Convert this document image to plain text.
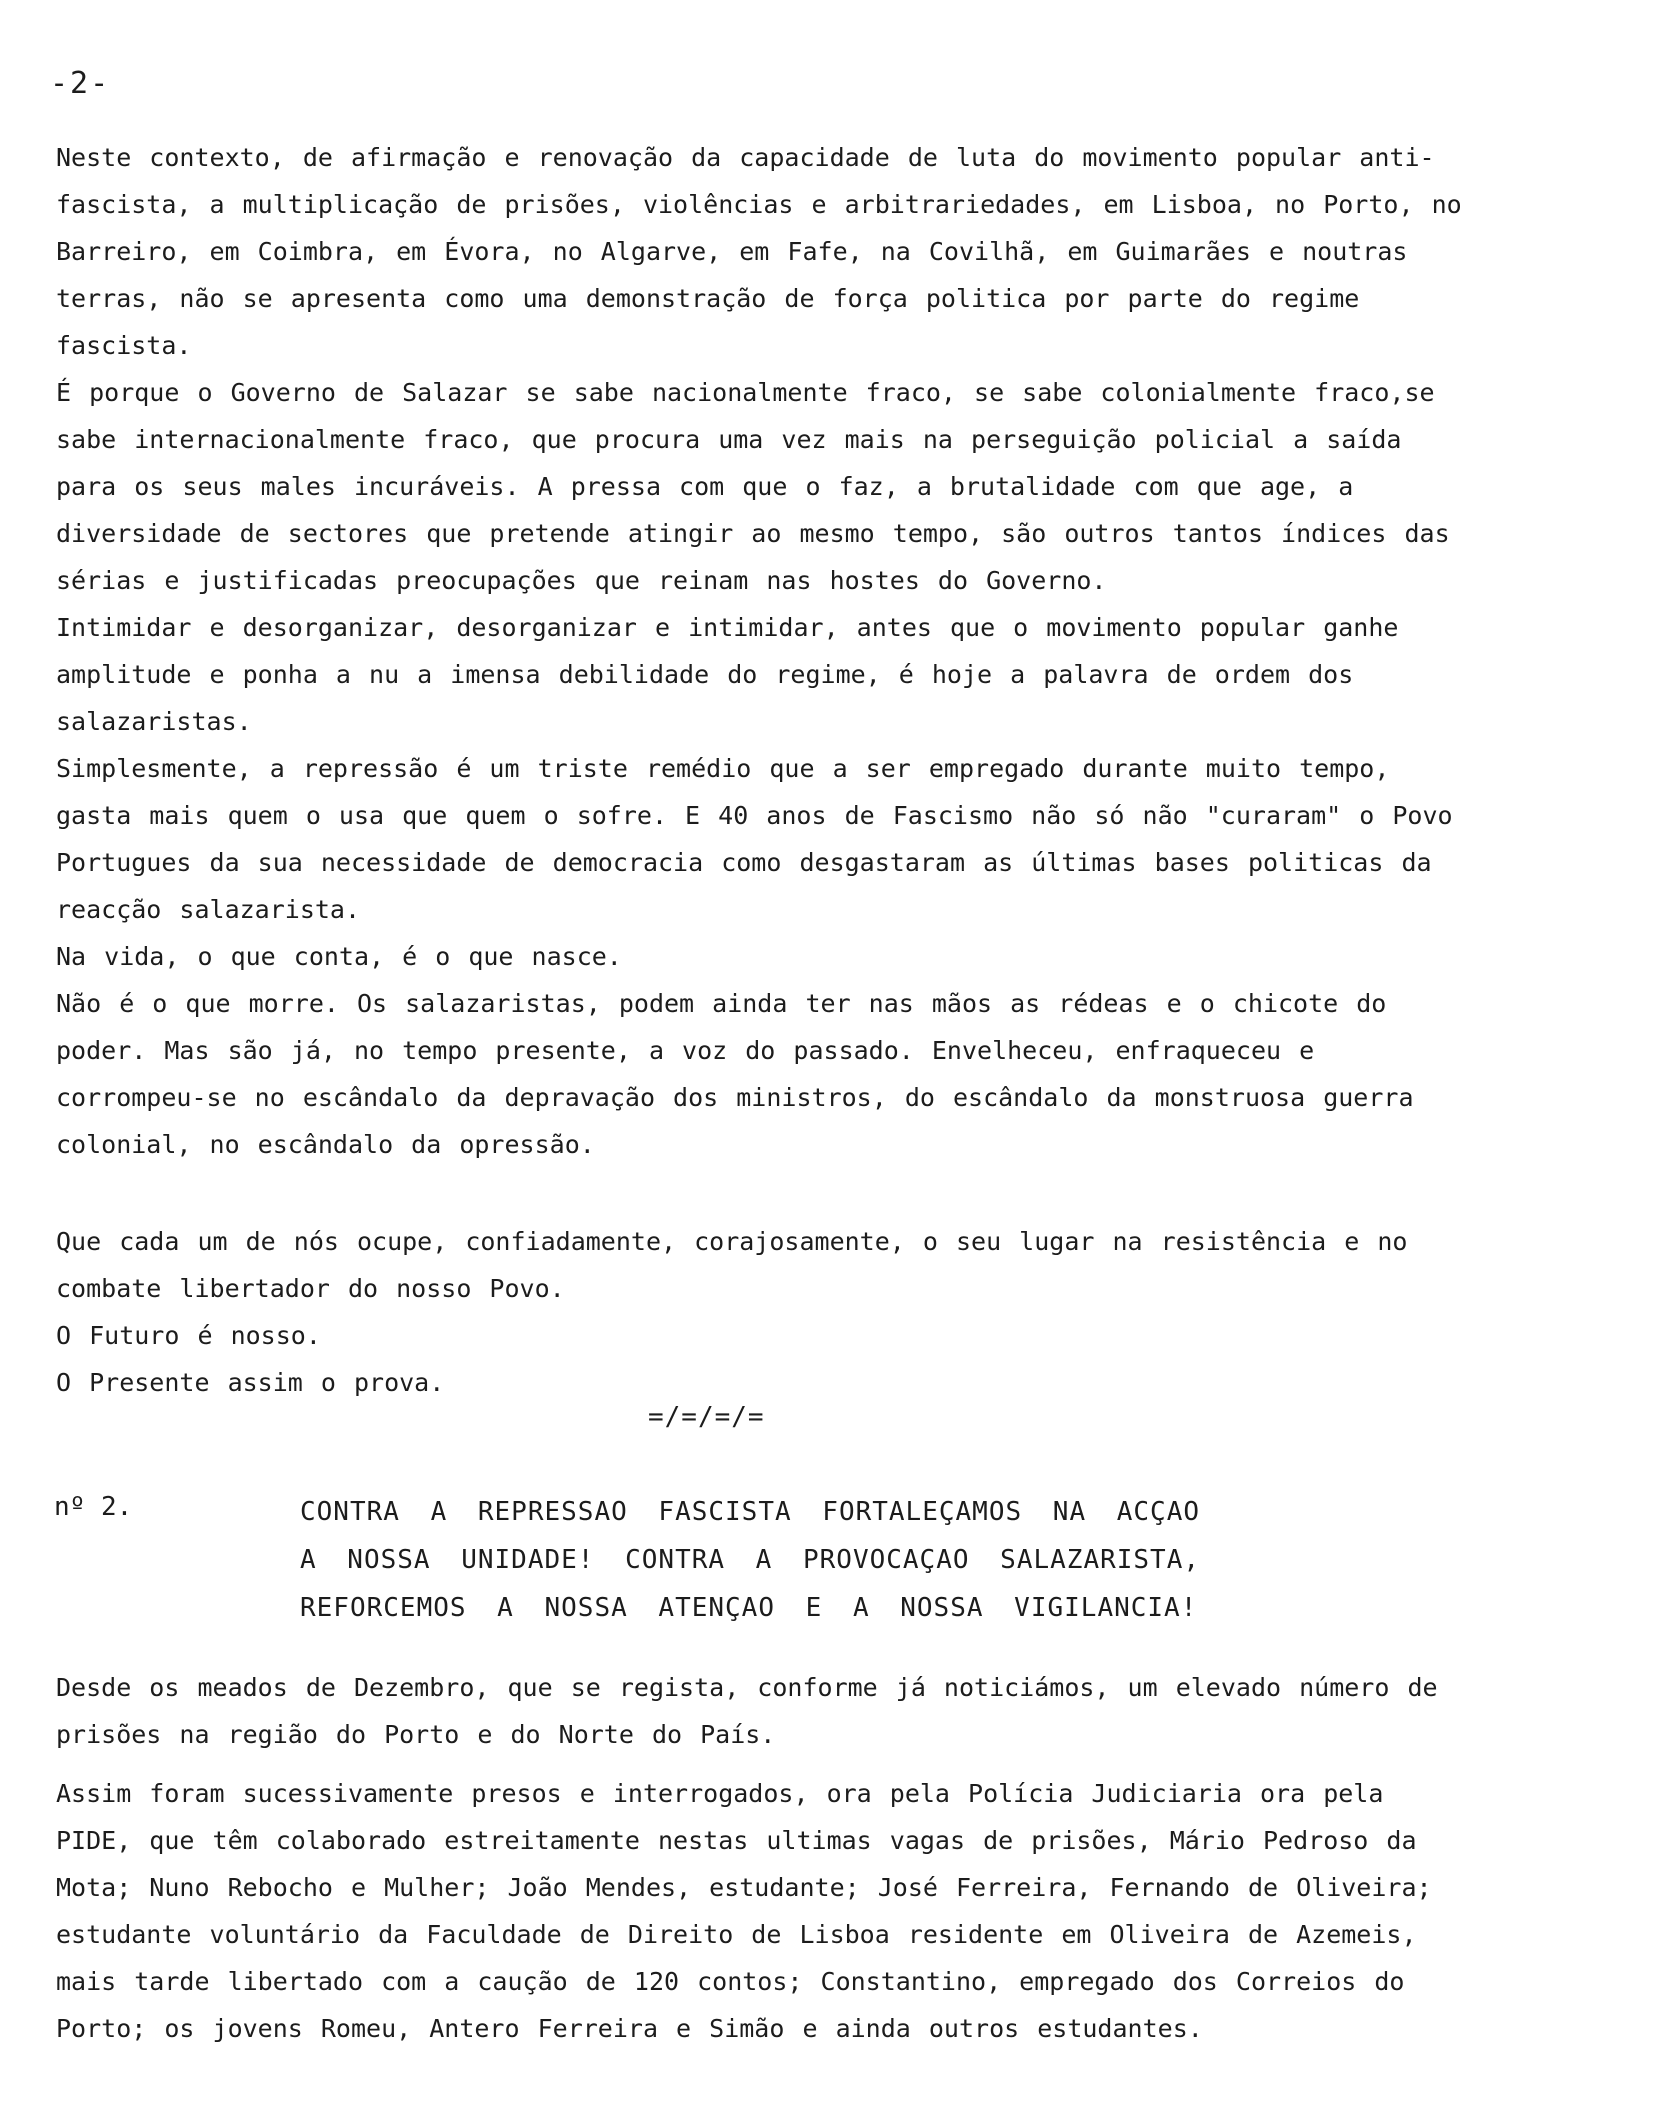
-2-

Neste contexto, de afirmação e renovação da capacidade de luta do movimento popular anti-fascista, a multiplicação de prisões, violências e arbitrariedades, em Lisboa, no Porto, no Barreiro, em Coimbra, em Évora, no Algarve, em Fafe, na Covilhã, em Guimarães e noutras terras, não se apresenta como uma demonstração de força politica por parte do regime fascista.

É porque o Governo de Salazar se sabe nacionalmente fraco, se sabe colonialmente fraco,se sabe internacionalmente fraco, que procura uma vez mais na perseguição policial a saída para os seus males incuráveis. A pressa com que o faz, a brutalidade com que age, a diversidade de sectores que pretende atingir ao mesmo tempo, são outros tantos índices das sérias e justificadas preocupações que reinam nas hostes do Governo.

Intimidar e desorganizar, desorganizar e intimidar, antes que o movimento popular ganhe amplitude e ponha a nu a imensa debilidade do regime, é hoje a palavra de ordem dos salazaristas.

Simplesmente, a repressão é um triste remédio que a ser empregado durante muito tempo, gasta mais quem o usa que quem o sofre. E 40 anos de Fascismo não só não "curaram" o Povo Portugues da sua necessidade de democracia como desgastaram as últimas bases politicas da reacção salazarista.

Na vida, o que conta, é o que nasce.

Não é o que morre. Os salazaristas, podem ainda ter nas mãos as rédeas e o chicote do poder. Mas são já, no tempo presente, a voz do passado. Envelheceu, enfraqueceu e corrompeu-se no escândalo da depravação dos ministros, do escândalo da monstruosa guerra colonial, no escândalo da opressão.

Que cada um de nós ocupe, confiadamente, corajosamente, o seu lugar na resistência e no combate libertador do nosso Povo.

O Futuro é nosso.

O Presente assim o prova.

=/=/=/=
nº 2.	CONTRA A REPRESSAO FASCISTA FORTALEÇAMOS NA ACÇAO
A NOSSA UNIDADE! CONTRA A PROVOCAÇAO SALAZARISTA,
REFORCEMOS A NOSSA ATENÇAO E A NOSSA VIGILANCIA!

Desde os meados de Dezembro, que se regista, conforme já noticiámos, um elevado número de prisões na região do Porto e do Norte do País.

Assim foram sucessivamente presos e interrogados, ora pela Polícia Judiciaria ora pela PIDE, que têm colaborado estreitamente nestas ultimas vagas de prisões, Mário Pedroso da Mota; Nuno Rebocho e Mulher; João Mendes, estudante; José Ferreira, Fernando de Oliveira; estudante voluntário da Faculdade de Direito de Lisboa residente em Oliveira de Azemeis, mais tarde libertado com a caução de 120 contos; Constantino, empregado dos Correios do Porto; os jovens Romeu, Antero Ferreira e Simão e ainda outros estudantes.
